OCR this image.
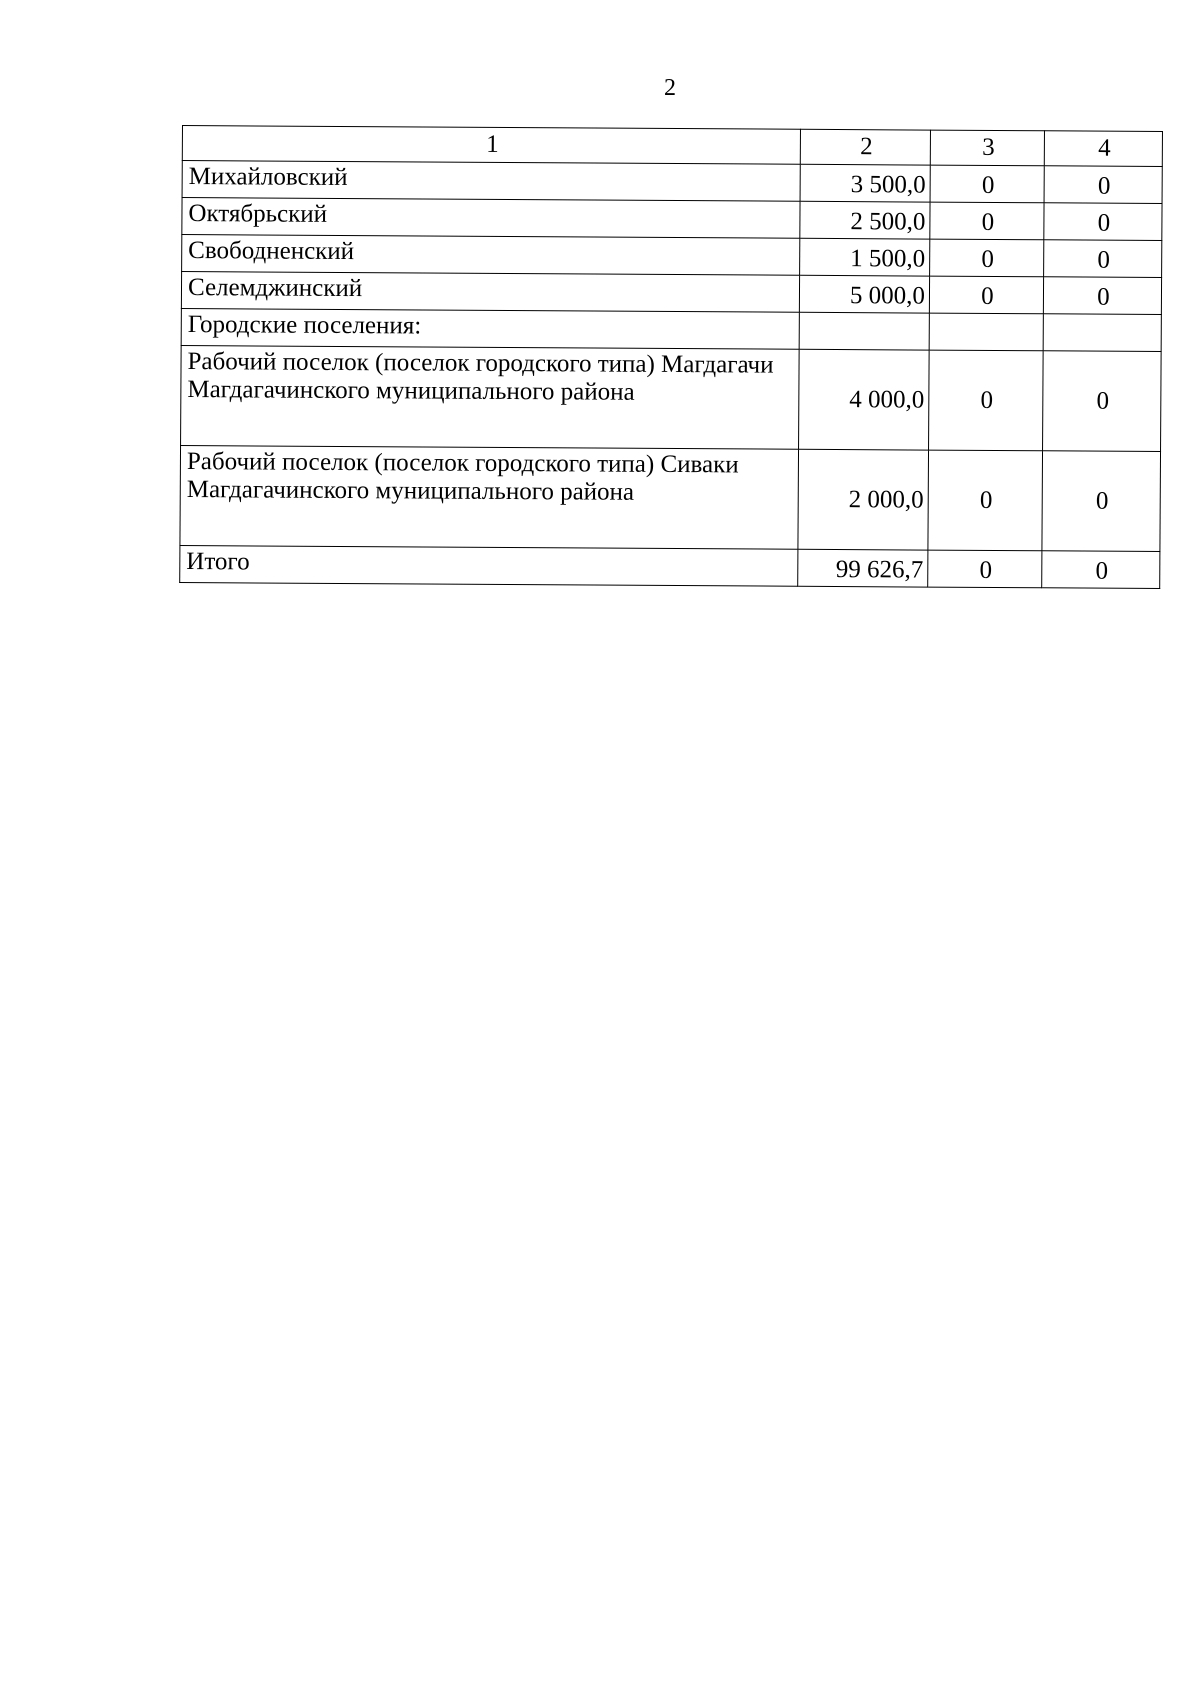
2
1	2	3	4
Михайловский	3 500,0	0	0
Октябрьский	2 500,0	0	0
Свободненский	1 500,0	0	0
Селемджинский	5 000,0	0	0
Городские поселения:			
Рабочий поселок (поселок городского типа) Магдагачи Магдагачинского муниципального района	4 000,0	0	0
Рабочий поселок (поселок городского типа) Сиваки Магдагачинского муниципального района	2 000,0	0	0
Итого	99 626,7	0	0
